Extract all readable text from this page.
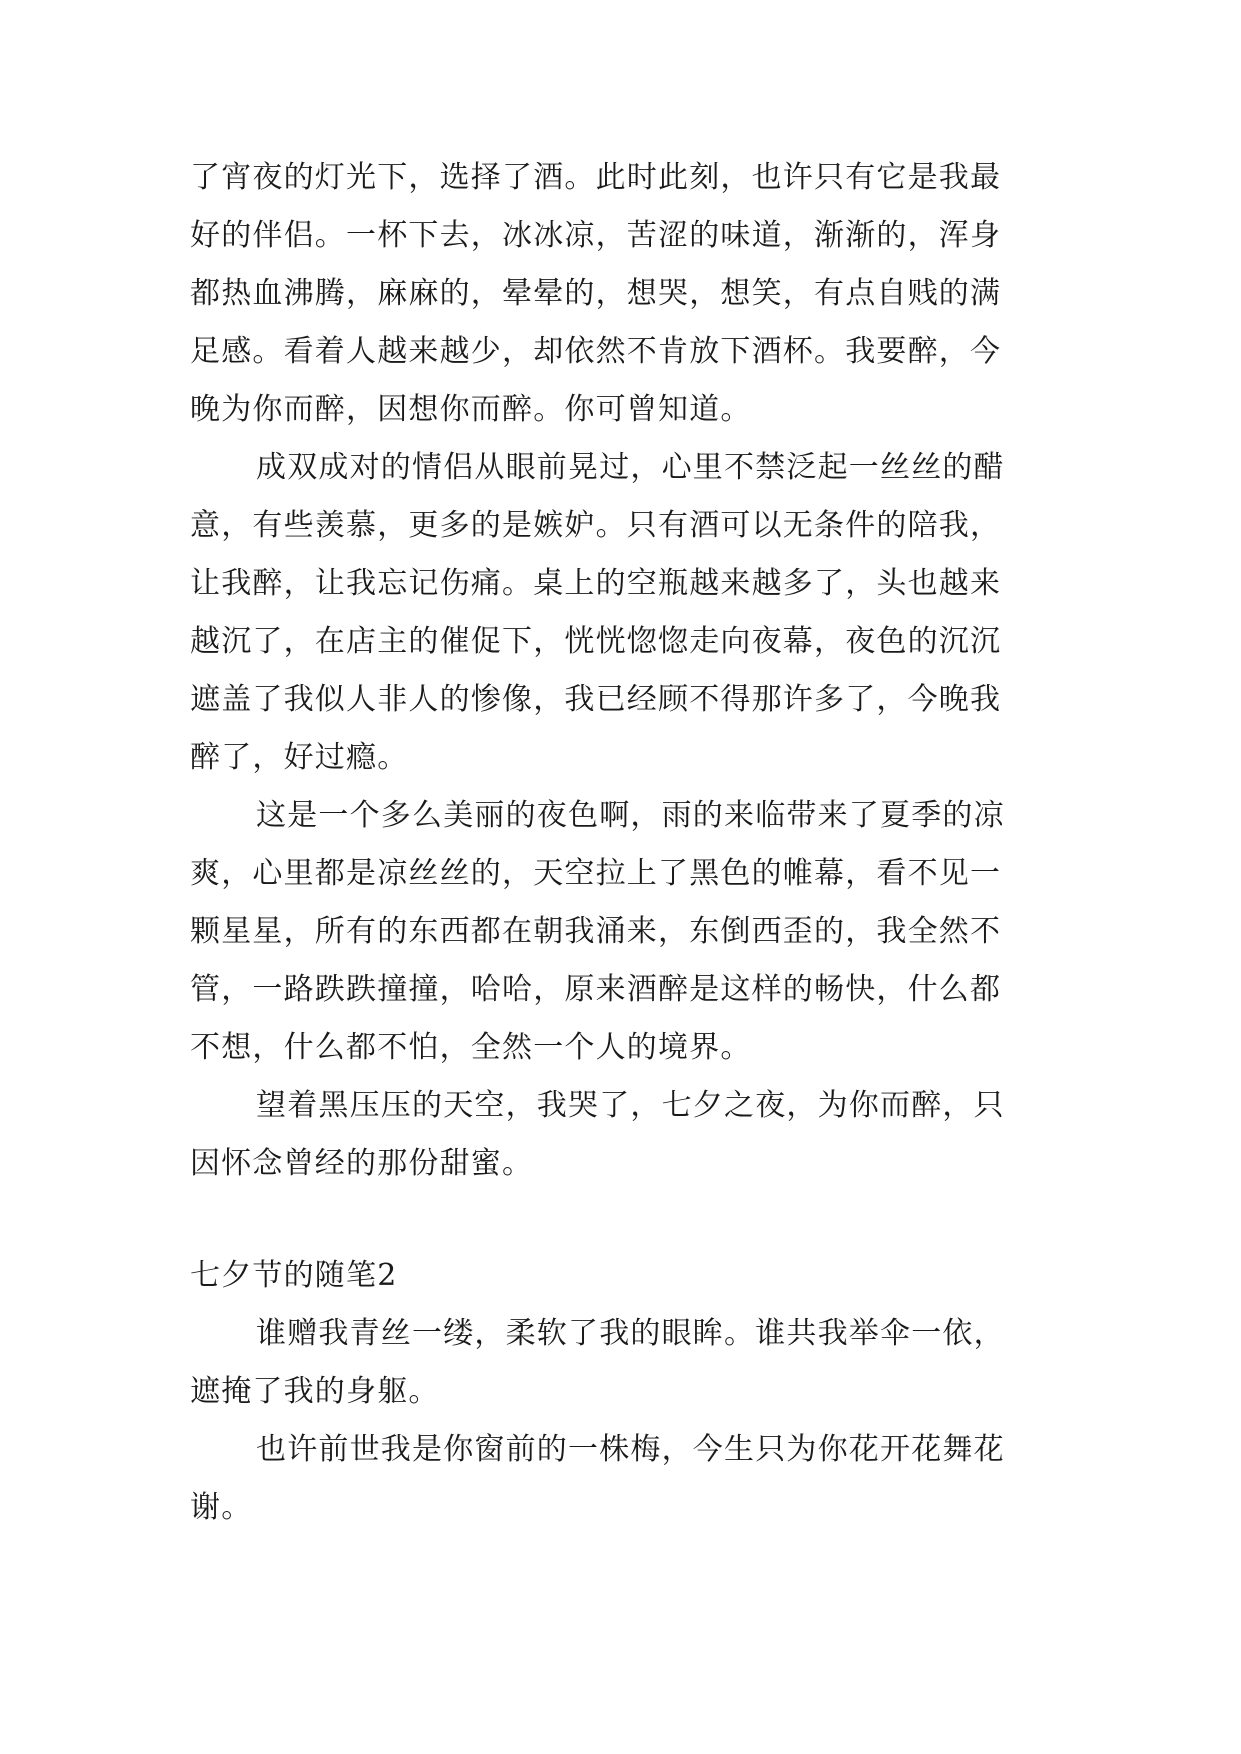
了宵夜的灯光下，选择了酒。此时此刻，也许只有它是我最
好的伴侣。一杯下去，冰冰凉，苦涩的味道，渐渐的，浑身
都热血沸腾，麻麻的，晕晕的，想哭，想笑，有点自贱的满
足感。看着人越来越少，却依然不肯放下酒杯。我要醉，今
晚为你而醉，因想你而醉。你可曾知道。
成双成对的情侣从眼前晃过，心里不禁泛起一丝丝的醋
意，有些羡慕，更多的是嫉妒。只有酒可以无条件的陪我，
让我醉，让我忘记伤痛。桌上的空瓶越来越多了，头也越来
越沉了，在店主的催促下，恍恍惚惚走向夜幕，夜色的沉沉
遮盖了我似人非人的惨像，我已经顾不得那许多了，今晚我
醉了，好过瘾。
这是一个多么美丽的夜色啊，雨的来临带来了夏季的凉
爽，心里都是凉丝丝的，天空拉上了黑色的帷幕，看不见一
颗星星，所有的东西都在朝我涌来，东倒西歪的，我全然不
管，一路跌跌撞撞，哈哈，原来酒醉是这样的畅快，什么都
不想，什么都不怕，全然一个人的境界。
望着黑压压的天空，我哭了，七夕之夜，为你而醉，只
因怀念曾经的那份甜蜜。
七夕节的随笔2
谁赠我青丝一缕，柔软了我的眼眸。谁共我举伞一依，
遮掩了我的身躯。
也许前世我是你窗前的一株梅，今生只为你花开花舞花
谢。
